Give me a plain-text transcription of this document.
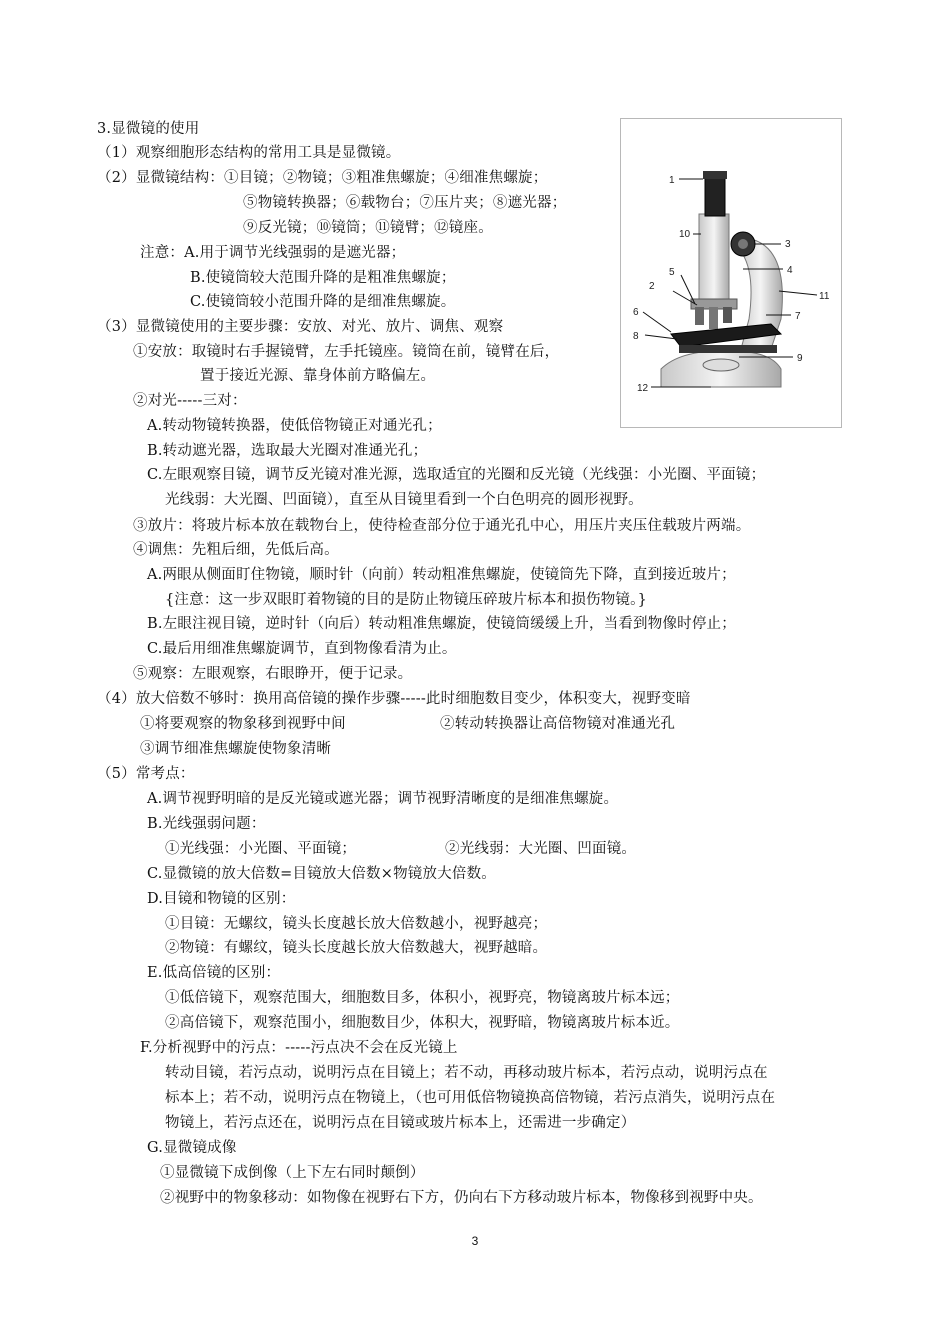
3.显微镜的使用
（1）观察细胞形态结构的常用工具是显微镜。
（2）显微镜结构：①目镜；②物镜；③粗准焦螺旋；④细准焦螺旋；
⑤物镜转换器；⑥载物台；⑦压片夹；⑧遮光器；
⑨反光镜；⑩镜筒；⑪镜臂；⑫镜座。
注意：A.用于调节光线强弱的是遮光器；
B.使镜筒较大范围升降的是粗准焦螺旋；
C.使镜筒较小范围升降的是细准焦螺旋。
（3）显微镜使用的主要步骤：安放、对光、放片、调焦、观察
①安放：取镜时右手握镜臂，左手托镜座。镜筒在前，镜臂在后，
置于接近光源、靠身体前方略偏左。
②对光-----三对：
A.转动物镜转换器，使低倍物镜正对通光孔；
B.转动遮光器，选取最大光圈对准通光孔；
C.左眼观察目镜，调节反光镜对准光源，选取适宜的光圈和反光镜（光线强：小光圈、平面镜；
光线弱：大光圈、凹面镜），直至从目镜里看到一个白色明亮的圆形视野。
③放片：将玻片标本放在载物台上，使待检查部分位于通光孔中心，用压片夹压住载玻片两端。
④调焦：先粗后细，先低后高。
A.两眼从侧面盯住物镜，顺时针（向前）转动粗准焦螺旋，使镜筒先下降，直到接近玻片；
{注意：这一步双眼盯着物镜的目的是防止物镜压碎玻片标本和损伤物镜。}
B.左眼注视目镜，逆时针（向后）转动粗准焦螺旋，使镜筒缓缓上升，当看到物像时停止；
C.最后用细准焦螺旋调节，直到物像看清为止。
⑤观察：左眼观察，右眼睁开，便于记录。
（4）放大倍数不够时：换用高倍镜的操作步骤-----此时细胞数目变少，体积变大，视野变暗
①将要观察的物象移到视野中间	②转动转换器让高倍物镜对准通光孔
③调节细准焦螺旋使物象清晰
（5）常考点：
A.调节视野明暗的是反光镜或遮光器；调节视野清晰度的是细准焦螺旋。
B.光线强弱问题：
①光线强：小光圈、平面镜；	②光线弱：大光圈、凹面镜。
C.显微镜的放大倍数=目镜放大倍数×物镜放大倍数。
D.目镜和物镜的区别：
①目镜：无螺纹，镜头长度越长放大倍数越小，视野越亮；
②物镜：有螺纹，镜头长度越长放大倍数越大，视野越暗。
E.低高倍镜的区别：
①低倍镜下，观察范围大，细胞数目多，体积小，视野亮，物镜离玻片标本远；
②高倍镜下，观察范围小，细胞数目少，体积大，视野暗，物镜离玻片标本近。
F.分析视野中的污点：-----污点决不会在反光镜上
转动目镜，若污点动，说明污点在目镜上；若不动，再移动玻片标本，若污点动，说明污点在
标本上；若不动，说明污点在物镜上，（也可用低倍物镜换高倍物镜，若污点消失，说明污点在
物镜上，若污点还在，说明污点在目镜或玻片标本上，还需进一步确定）
G.显微镜成像
①显微镜下成倒像（上下左右同时颠倒）
②视野中的物象移动：如物像在视野右下方，仍向右下方移动玻片标本，物像移到视野中央。
1
10
3
4
5
2
11
6	7
8
9
12
3
